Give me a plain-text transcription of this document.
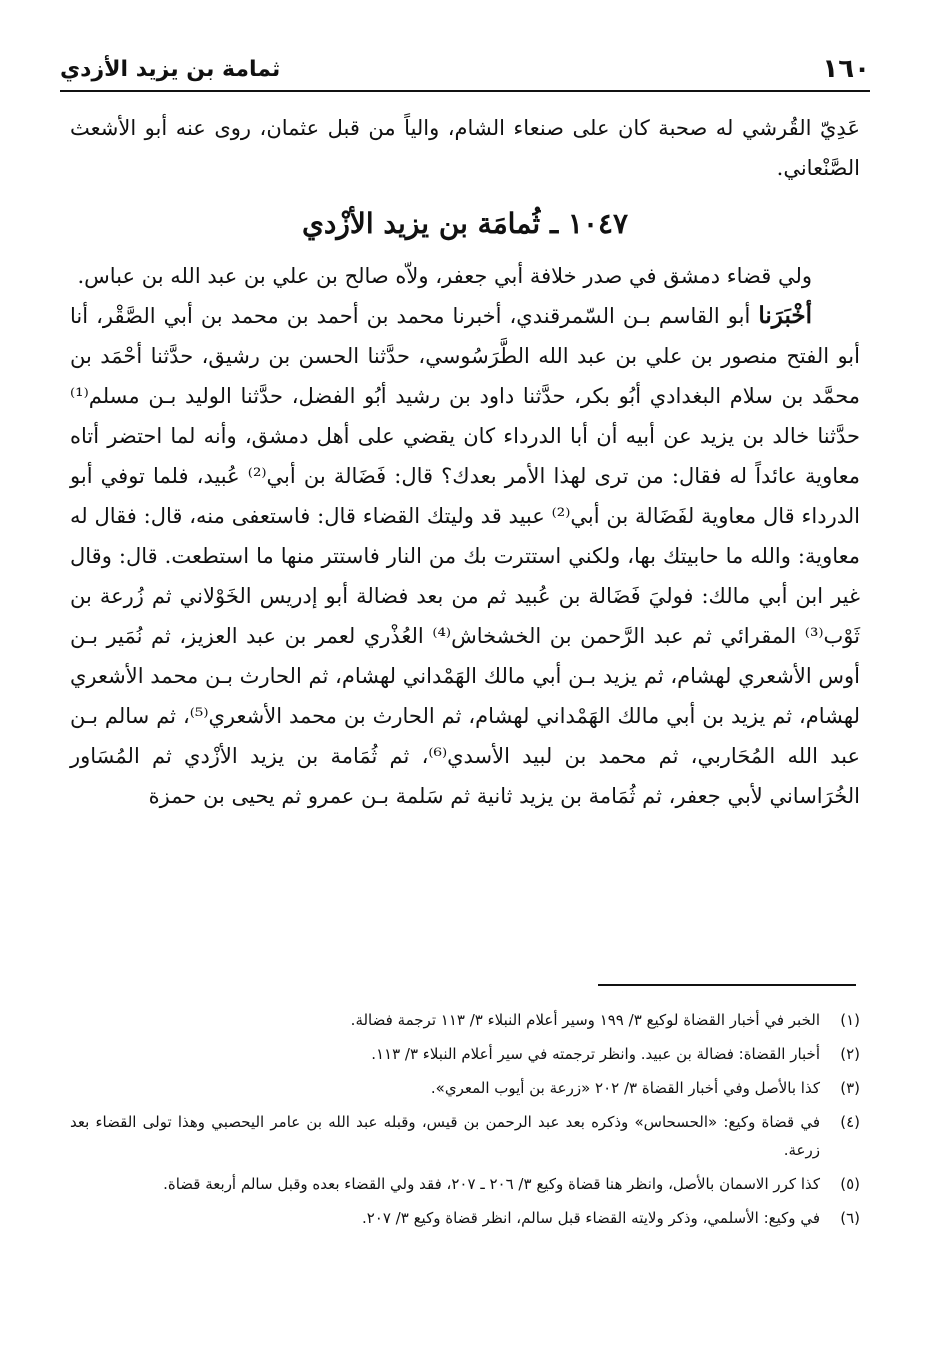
١٦٠
ثمامة بن يزيد الأزدي

عَدِيّ القُرشي له صحبة كان على صنعاء الشام، والياً من قبل عثمان، روى عنه أبو الأشعث الصَّنْعاني.

١٠٤٧ ـ ثُمامَة بن يزيد الأزْدي

ولي قضاء دمشق في صدر خلافة أبي جعفر، ولاّه صالح بن علي بن عبد الله بن عباس.

أخْبَرَنا أبو القاسم بـن السّمرقندي، أخبرنا محمد بن أحمد بن محمد بن أبي الصَّقْر، أنا أبو الفتح منصور بن علي بن عبد الله الطَّرَسُوسي، حدَّثنا الحسن بن رشيق، حدَّثنا أحْمَد بن محمَّد بن سلام البغدادي أبُو بكر، حدَّثنا داود بن رشيد أبُو الفضل، حدَّثنا الوليد بـن مسلم⁽¹⁾ حدَّثنا خالد بن يزيد عن أبيه أن أبا الدرداء كان يقضي على أهل دمشق، وأنه لما احتضر أتاه معاوية عائداً له فقال: من ترى لهذا الأمر بعدك؟ قال: فَضَالة بن أبي⁽²⁾ عُبيد، فلما توفي أبو الدرداء قال معاوية لفَضَالة بن أبي⁽²⁾ عبيد قد وليتك القضاء قال: فاستعفى منه، قال: فقال له معاوية: والله ما حابيتك بها، ولكني استترت بك من النار فاستتر منها ما استطعت. قال: وقال غير ابن أبي مالك: فوليَ فَضَالة بن عُبيد ثم من بعد فضالة أبو إدريس الخَوْلاني ثم زُرعة بن ثَوْب⁽³⁾ المقرائي ثم عبد الرَّحمن بن الخشخاش⁽⁴⁾ العُذْري لعمر بن عبد العزيز، ثم نُمَير بـن أوس الأشعري لهشام، ثم يزيد بـن أبي مالك الهَمْداني لهشام، ثم الحارث بـن محمد الأشعري لهشام، ثم يزيد بن أبي مالك الهَمْداني لهشام، ثم الحارث بن محمد الأشعري⁽⁵⁾، ثم سالم بـن عبد الله المُحَاربي، ثم محمد بن لبيد الأسدي⁽⁶⁾، ثم ثُمَامة بن يزيد الأزْدي ثم المُسَاور الخُرَاساني لأبي جعفر، ثم ثُمَامة بن يزيد ثانية ثم سَلمة بـن عمرو ثم يحيى بن حمزة

(١)
الخبر في أخبار القضاة لوكيع ٣/ ١٩٩ وسير أعلام النبلاء ٣/ ١١٣ ترجمة فضالة.
(٢)
أخبار القضاة: فضالة بن عبيد. وانظر ترجمته في سير أعلام النبلاء ٣/ ١١٣.
(٣)
كذا بالأصل وفي أخبار القضاة ٣/ ٢٠٢ «زرعة بن أيوب المعري».
(٤)
في قضاة وكيع: «الحسحاس» وذكره بعد عبد الرحمن بن قيس، وقبله عبد الله بن عامر اليحصبي وهذا تولى القضاء بعد زرعة.
(٥)
كذا كرر الاسمان بالأصل، وانظر هنا قضاة وكيع ٣/ ٢٠٦ ـ ٢٠٧، فقد ولي القضاء بعده وقبل سالم أربعة قضاة.
(٦)
في وكيع: الأسلمي، وذكر ولايته القضاء قبل سالم، انظر قضاة وكيع ٣/ ٢٠٧.
